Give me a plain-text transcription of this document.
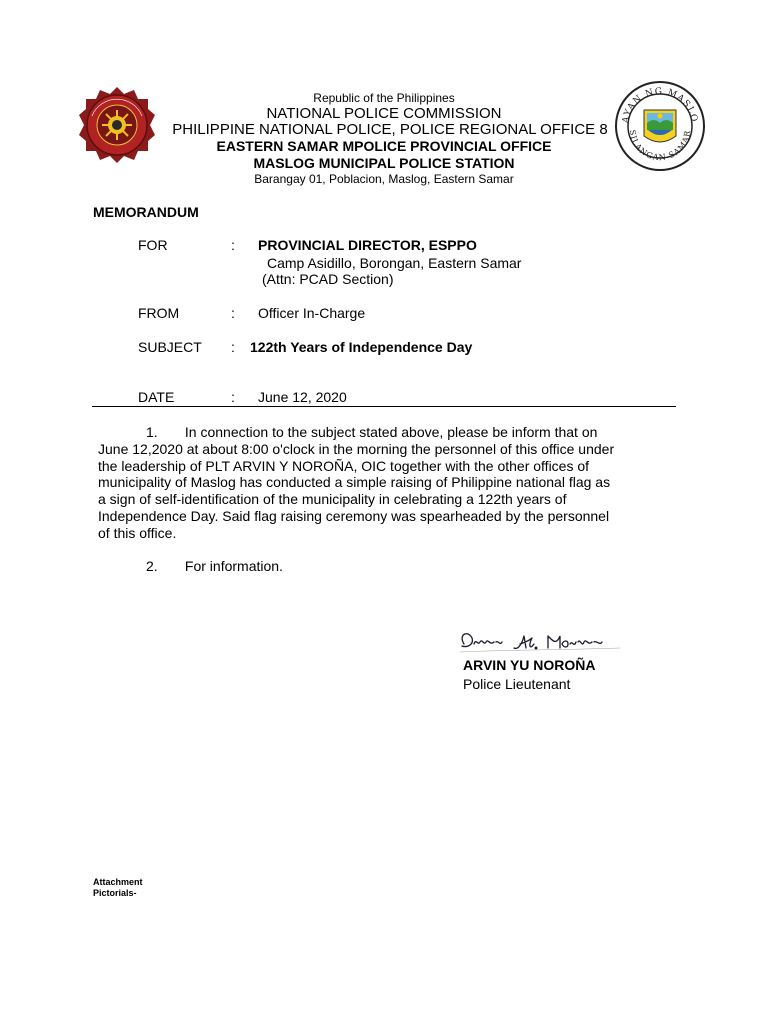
AYAN NG MASLO
SILANGAN SAMAR
Republic of the Philippines
NATIONAL POLICE COMMISSION
PHILIPPINE NATIONAL POLICE, POLICE REGIONAL OFFICE 8
EASTERN SAMAR MPOLICE PROVINCIAL OFFICE
MASLOG MUNICIPAL POLICE STATION
Barangay 01, Poblacion, Maslog, Eastern Samar
MEMORANDUM
FOR	: PROVINCIAL DIRECTOR, ESPPO
Camp Asidillo, Borongan, Eastern Samar
(Attn: PCAD Section)
FROM	: Officer In-Charge
SUBJECT : 122th Years of Independence Day
DATE	: June 12, 2020
1.       In connection to the subject stated above, please be inform that on
June 12,2020 at about 8:00 o'clock in the morning the personnel of this office under
the leadership of PLT ARVIN Y NOROÑA, OIC together with the other offices of
municipality of Maslog has conducted a simple raising of Philippine national flag as
a sign of self-identification of the municipality in celebrating a 122th years of
Independence Day. Said flag raising ceremony was spearheaded by the personnel
of this office.
2.       For information.
ARVIN YU NOROÑA
Police Lieutenant
Attachment
Pictorials-
